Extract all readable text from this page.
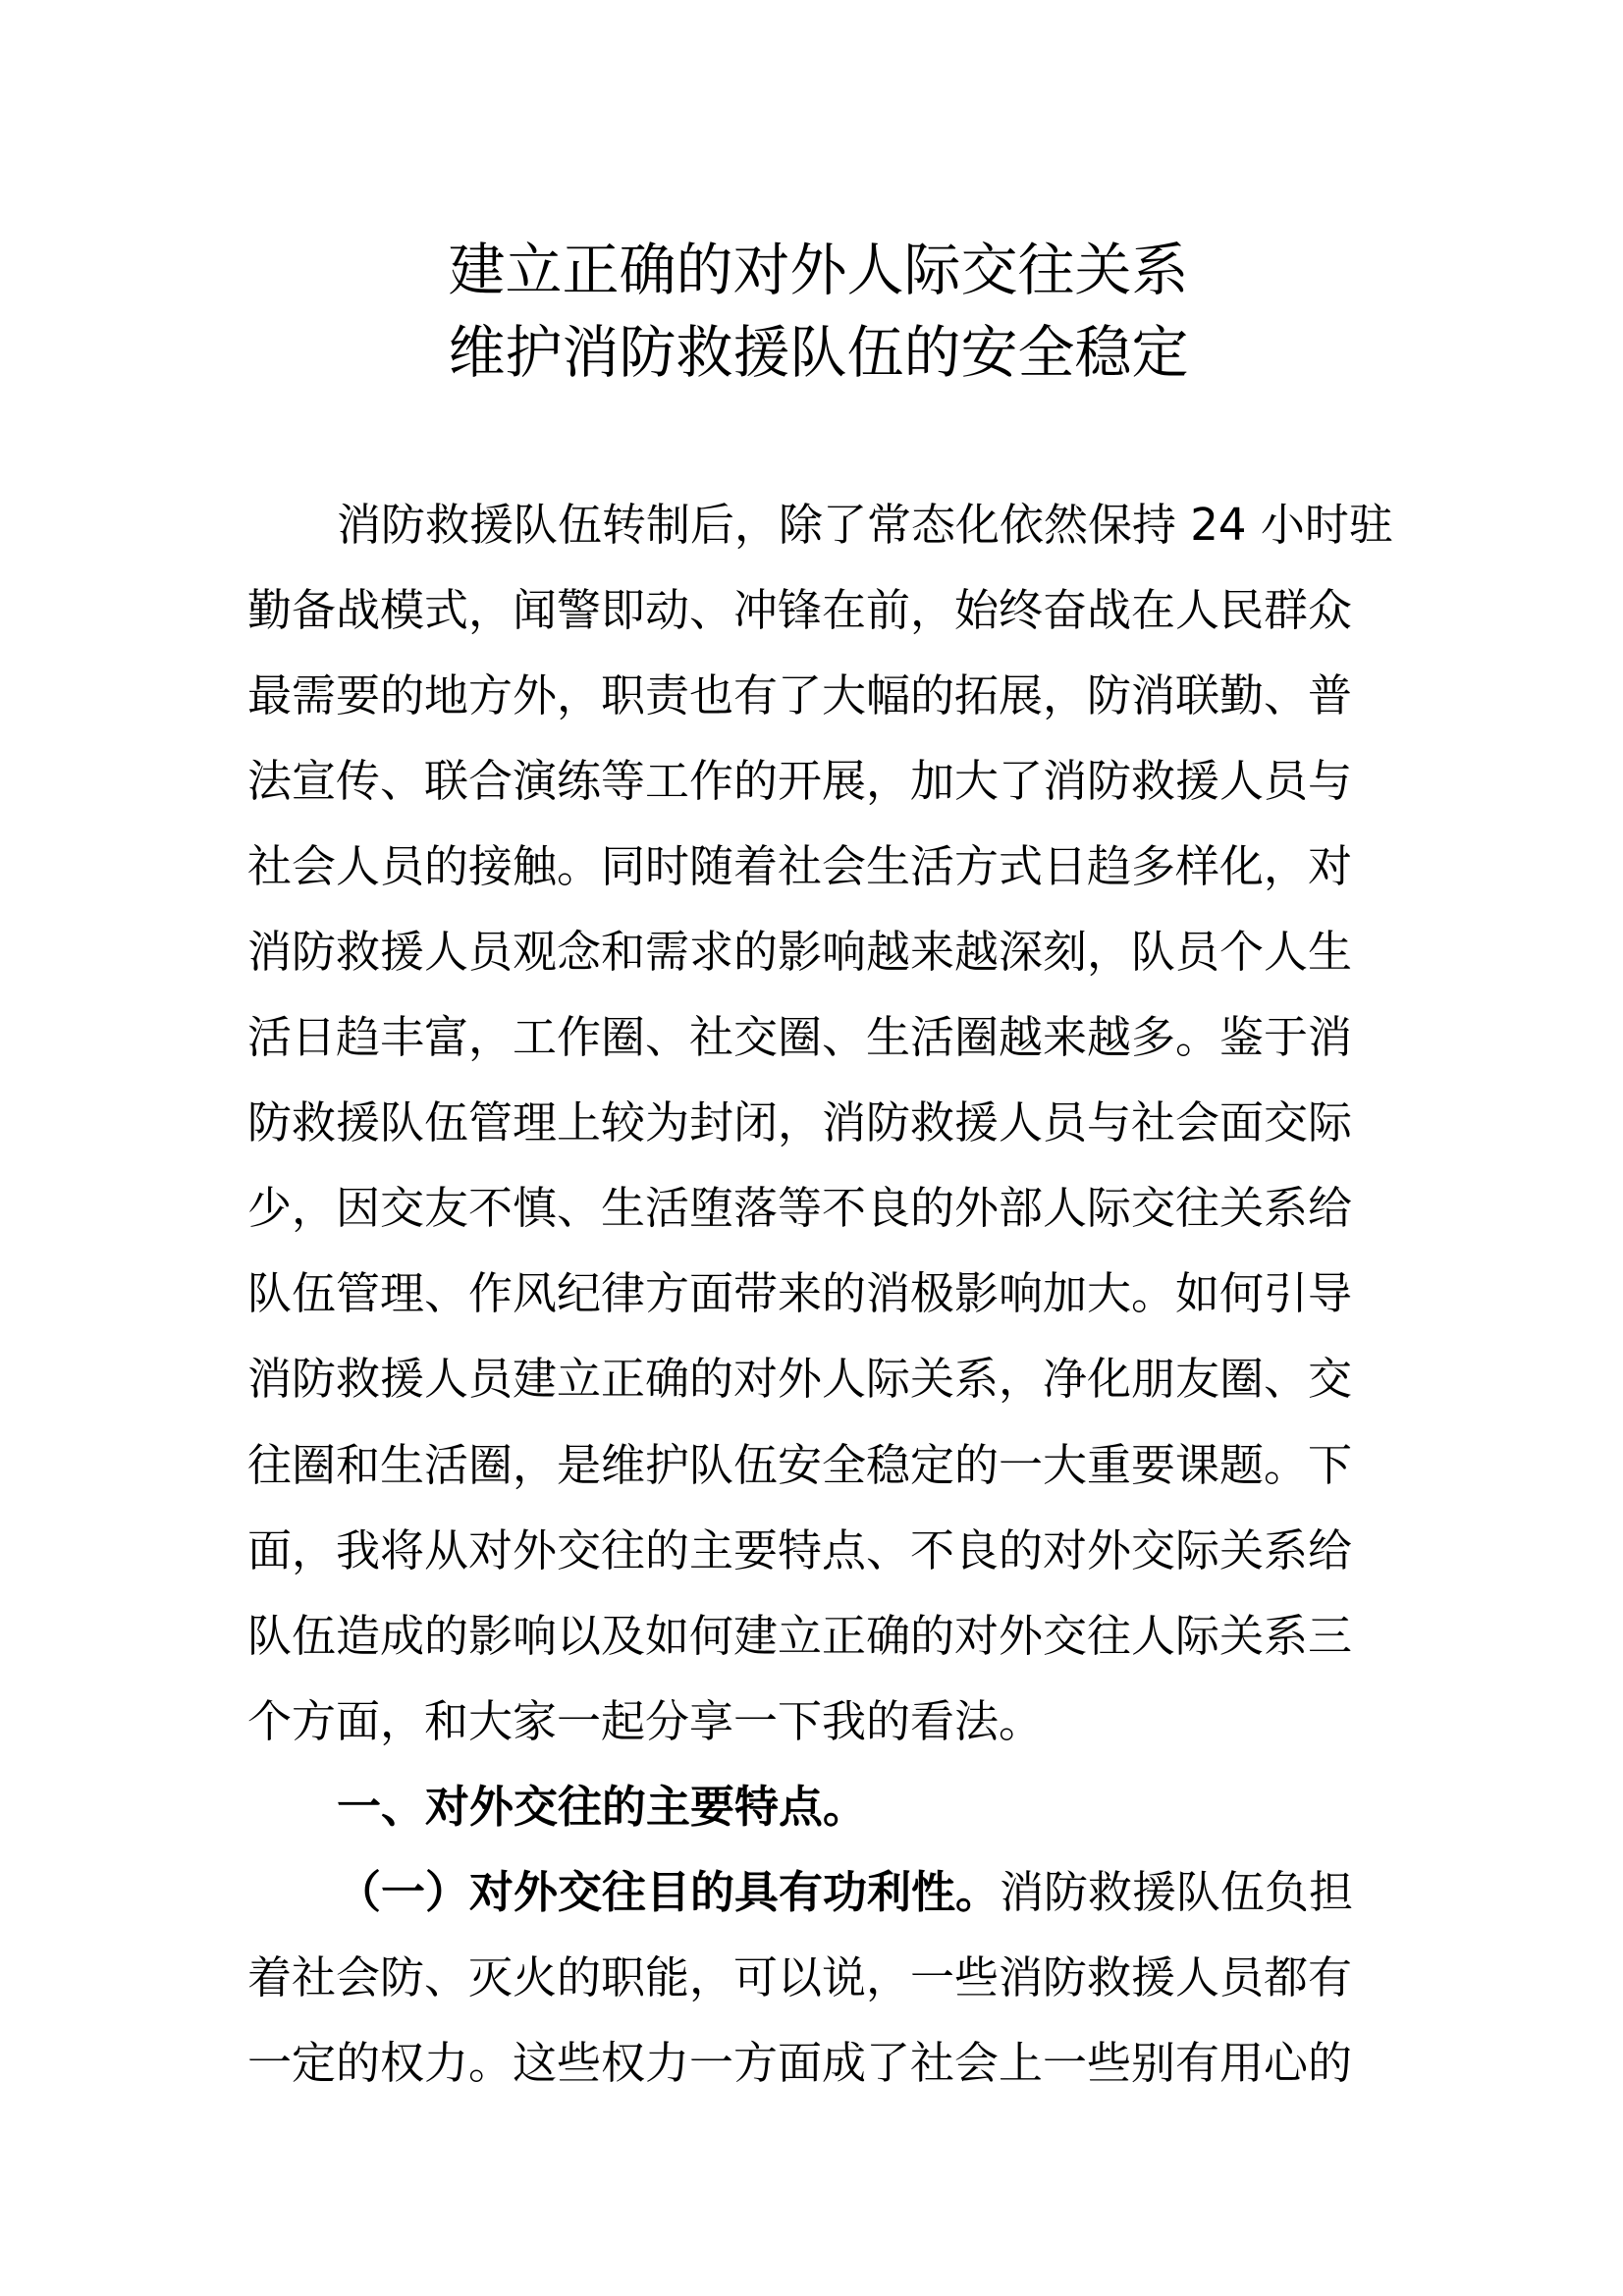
建立正确的对外人际交往关系
维护消防救援队伍的安全稳定
消防救援队伍转制后，除了常态化依然保持 24 小时驻
勤备战模式，闻警即动、冲锋在前，始终奋战在人民群众
最需要的地方外，职责也有了大幅的拓展，防消联勤、普
法宣传、联合演练等工作的开展，加大了消防救援人员与
社会人员的接触。同时随着社会生活方式日趋多样化，对
消防救援人员观念和需求的影响越来越深刻，队员个人生
活日趋丰富，工作圈、社交圈、生活圈越来越多。鉴于消
防救援队伍管理上较为封闭，消防救援人员与社会面交际
少，因交友不慎、生活堕落等不良的外部人际交往关系给
队伍管理、作风纪律方面带来的消极影响加大。如何引导
消防救援人员建立正确的对外人际关系，净化朋友圈、交
往圈和生活圈，是维护队伍安全稳定的一大重要课题。下
面，我将从对外交往的主要特点、不良的对外交际关系给
队伍造成的影响以及如何建立正确的对外交往人际关系三
个方面，和大家一起分享一下我的看法。
一、对外交往的主要特点。
（一）对外交往目的具有功利性。消防救援队伍负担
着社会防、灭火的职能，可以说，一些消防救援人员都有
一定的权力。这些权力一方面成了社会上一些别有用心的
